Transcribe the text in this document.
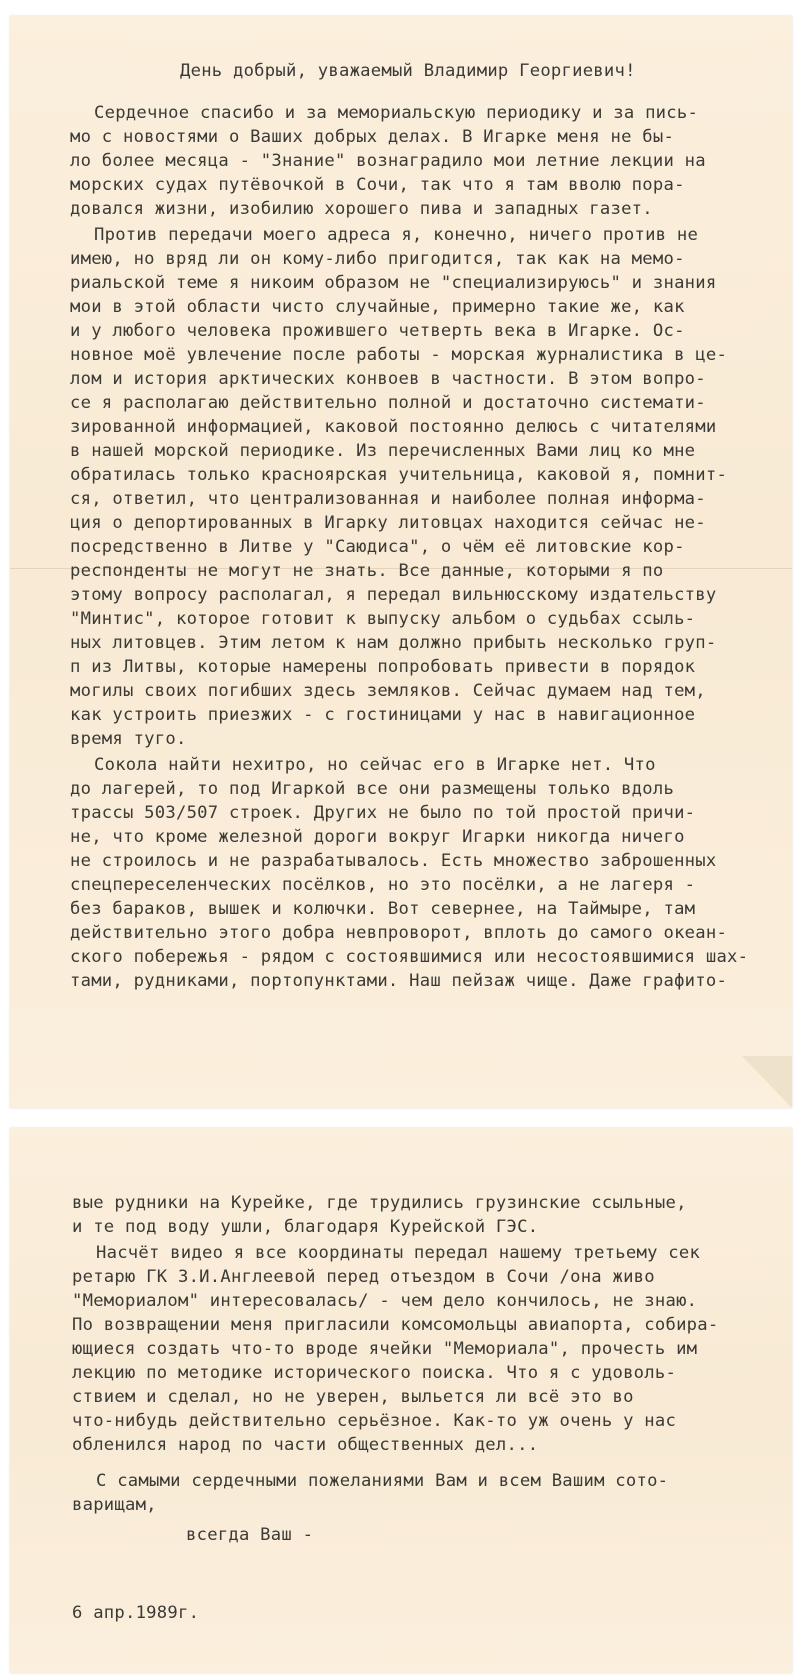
День добрый, уважаемый Владимир Георгиевич!
Сердечное спасибо и за мемориальскую периодику и за пись-
мо с новостями о Ваших добрых делах. В Игарке меня не бы-
ло более месяца - "Знание" вознаградило мои летние лекции на
морских судах путёвочкой в Сочи, так что я там вволю пора-
довался жизни, изобилию хорошего пива и западных газет.
Против передачи моего адреса я, конечно, ничего против не
имею, но вряд ли он кому-либо пригодится, так как на мемо-
риальской теме я никоим образом не "специализируюсь" и знания
мои в этой области чисто случайные, примерно такие же, как
и у любого человека прожившего четверть века в Игарке. Ос-
новное моё увлечение после работы - морская журналистика в це-
лом и история арктических конвоев в частности. В этом вопро-
се я располагаю действительно полной и достаточно системати-
зированной информацией, каковой постоянно делюсь с читателями
в нашей морской периодике. Из перечисленных Вами лиц ко мне
обратилась только красноярская учительница, каковой я, помнит-
ся, ответил, что централизованная и наиболее полная информа-
ция о депортированных в Игарку литовцах находится сейчас не-
посредственно в Литве у "Саюдиса", о чём её литовские кор-
респонденты не могут не знать. Все данные, которыми я по
этому вопросу располагал, я передал вильнюсскому издательству
"Минтис", которое готовит к выпуску альбом о судьбах ссыль-
ных литовцев. Этим летом к нам должно прибыть несколько груп-
п из Литвы, которые намерены попробовать привести в порядок
могилы своих погибших здесь земляков. Сейчас думаем над тем,
как устроить приезжих - с гостиницами у нас в навигационное
время туго.
Сокола найти нехитро, но сейчас его в Игарке нет. Что
до лагерей, то под Игаркой все они размещены только вдоль
трассы 503/507 строек. Других не было по той простой причи-
не, что кроме железной дороги вокруг Игарки никогда ничего
не строилось и не разрабатывалось. Есть множество заброшенных
спецпереселенческих посёлков, но это посёлки, а не лагеря -
без бараков, вышек и колючки. Вот севернее, на Таймыре, там
действительно этого добра невпроворот, вплоть до самого океан-
ского побережья - рядом с состоявшимися или несостоявшимися шах-
тами, рудниками, портопунктами. Наш пейзаж чище. Даже графито-
вые рудники на Курейке, где трудились грузинские ссыльные,
и те под воду ушли, благодаря Курейской ГЭС.
Насчёт видео я все координаты передал нашему третьему сек
ретарю ГК З.И.Англеевой перед отъездом в Сочи /она живо
"Мемориалом" интересовалась/ - чем дело кончилось, не знаю.
По возвращении меня пригласили комсомольцы авиапорта, собира-
ющиеся создать что-то вроде ячейки "Мемориала", прочесть им
лекцию по методике исторического поиска. Что я с удоволь-
ствием и сделал, но не уверен, выльется ли всё это во
что-нибудь действительно серьёзное. Как-то уж очень у нас
обленился народ по части общественных дел...
С самыми сердечными пожеланиями Вам и всем Вашим сото-
варищам,
всегда Ваш -
6 апр.1989г.
